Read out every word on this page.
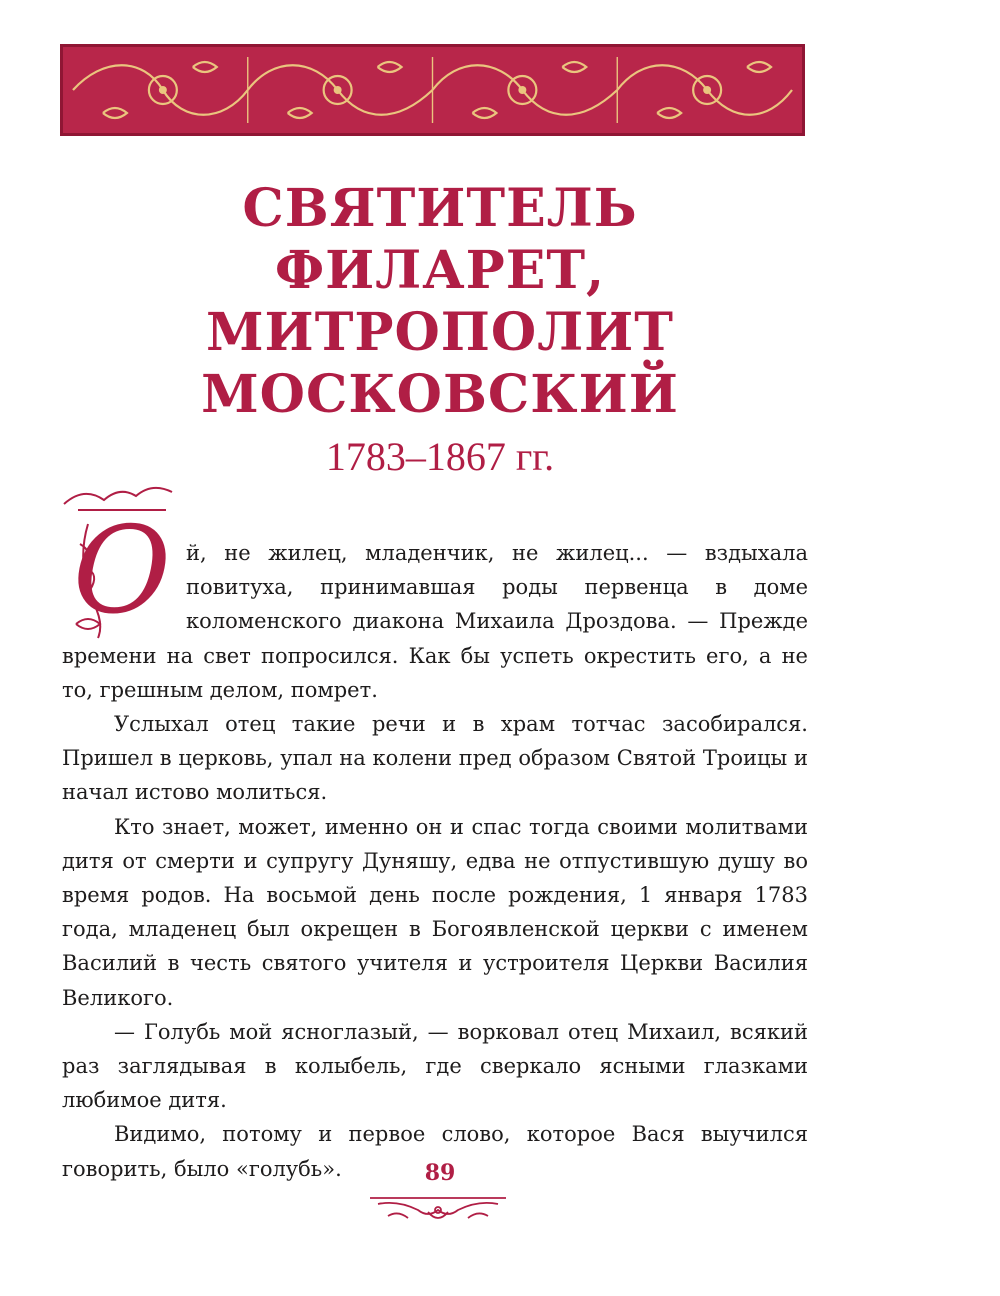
СВЯТИТЕЛЬ ФИЛАРЕТ,
МИТРОПОЛИТ
МОСКОВСКИЙ
1783–1867 гг.
О й, не жилец, младенчик, не жилец... — вздыхала повитуха, принимавшая роды первенца в доме коломенского диакона Михаила Дроздова. — Прежде времени на свет попросился. Как бы успеть окрестить его, а не то, грешным делом, помрет.

Услыхал отец такие речи и в храм тотчас засобирался. Пришел в церковь, упал на колени пред образом Святой Троицы и начал истово молиться.

Кто знает, может, именно он и спас тогда своими молитвами дитя от смерти и супругу Дуняшу, едва не отпустившую душу во время родов. На восьмой день после рождения, 1 января 1783 года, младенец был окрещен в Богоявленской церкви с именем Василий в честь святого учителя и устроителя Церкви Василия Великого.

— Голубь мой ясноглазый, — ворковал отец Михаил, всякий раз заглядывая в колыбель, где сверкало ясными глазками любимое дитя.

Видимо, потому и первое слово, которое Вася выучился говорить, было «голубь».	89
